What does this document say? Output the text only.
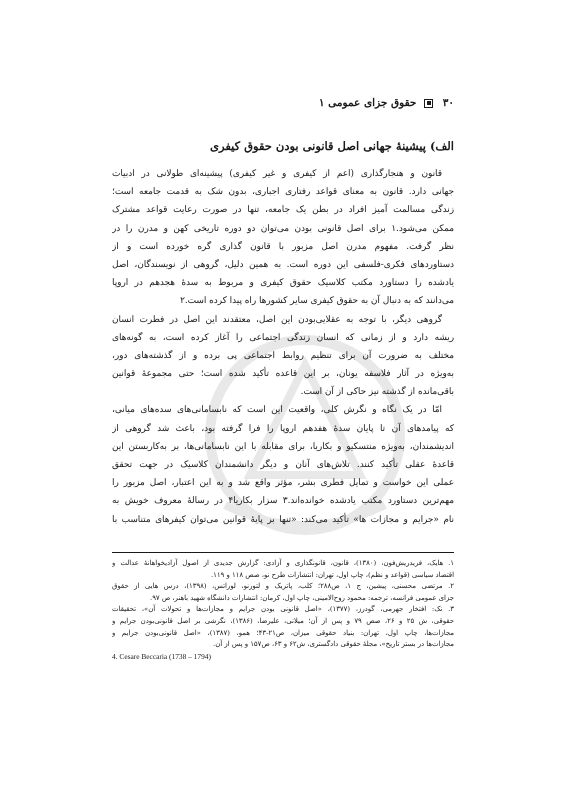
۳۰  حقوق جزای عمومی ۱
الف) پیشینهٔ جهانی اصل قانونی بودن حقوق کیفری
قانون و هنجارگذاری (اعم از کیفری و غیر کیفری) پیشینه‌ای طولانی در ادبیات
جهانی دارد. قانون به معنای قواعد رفتاری اجباری، بدون شک به قدمت جامعه است؛
زندگی مسالمت آمیز افراد در بطن یک جامعه، تنها در صورت رعایت قواعد مشترک
ممکن می‌شود.۱ برای اصل قانونی بودن می‌توان دو دوره تاریخی کهن و مدرن را در
نظر گرفت. مفهوم مدرن اصل مزبور با قانون گذاری گره خورده است و از
دستاوردهای فکری-فلسفی این دوره است. به همین دلیل، گروهی از نویسندگان، اصل
یادشده را دستاورد مکتب کلاسیک حقوق کیفری و مربوط به سدهٔ هجدهم در اروپا
می‌دانند که به دنبال آن به حقوق کیفری سایر کشورها راه پیدا کرده است.۲
گروهی دیگر، با توجه به عقلایی‌بودن این اصل، معتقدند این اصل در فطرت انسان
ریشه دارد و از زمانی که انسان زندگی اجتماعی را آغاز کرده است، به گونه‌های
مختلف به ضرورت آن برای تنظیم روابط اجتماعی پی برده و از گذشته‌های دور،
به‌ویژه در آثار فلاسفه یونان، بر این قاعده تأکید شده است؛ حتی مجموعهٔ قوانین
باقی‌مانده از گذشته نیز حاکی از آن است.
امّا در یک نگاه و نگرش کلی، واقعیت این است که نابسامانی‌های سده‌های میانی،
که پیامدهای آن تا پایان سدهٔ هفدهم اروپا را فرا گرفته بود، باعث شد گروهی از
اندیشمندان، به‌ویژه منتسکیو و بکاریا، برای مقابله با این نابسامانی‌ها، بر به‌کاربستن این
قاعدهٔ عقلی تأکید کنند. تلاش‌های آنان و دیگر دانشمندان کلاسیک در جهت تحقق
عملی این خواست و تمایل فطری بشر، مؤثر واقع شد و به این اعتبار، اصل مزبور را
مهم‌ترین دستاورد مکتب یادشده خوانده‌اند.۳ سزار بکاریا۴ در رسالهٔ معروف خویش به
نام «جرایم و مجازات ها» تأکید می‌کند: «تنها بر پایهٔ قوانین می‌توان کیفرهای متناسب با
۱. هایک، فریدریش‌فون، (۱۳۸۰)، قانون، قانونگذاری و آزادی: گزارش جدیدی از اصول آزادیخواهانهٔ عدالت و
اقتصاد سیاسی (قواعد و نظم)، چاپ اول، تهران: انتشارات طرح نو، صص ۱۱۸ و ۱۱۹.
۲. مرتضی محسنی، پیشین، ج ۱، ص۲۸۸؛ کلب، پاتریک و لتورنو، لوراتس، (۱۳۹۸)، درس هایی از حقوق
جزای عمومی فرانسه، ترجمه: محمود روح‌الامینی، چاپ اول، کرمان: انتشارات دانشگاه شهید باهنر، ص ۹۷.
۳. نک: افتخار جهرمی، گودرز، (۱۳۷۷)، «اصل قانونی بودن جرایم و مجازات‌ها و تحولات آن»، تحقیقات
حقوقی، ش ۲۵ و ۲۶، صص ۷۹ و پس از آن؛ میلانی، علیرضا، (۱۳۸۶)، نگرشی بر اصل قانونی‌بودن جرایم و
مجازات‌ها، چاپ اول، تهران: بنیاد حقوقی میزان، ص۲۱-۴۳؛ همو، (۱۳۸۷)، «اصل قانونی‌بودن جرایم و
مجازات‌ها در بستر تاریخ»، مجلهٔ حقوقی دادگستری، ش۶۲ و ۶۳، ص۱۵۷ و پس از آن.
4. Cesare Beccaria (1738 – 1794)
